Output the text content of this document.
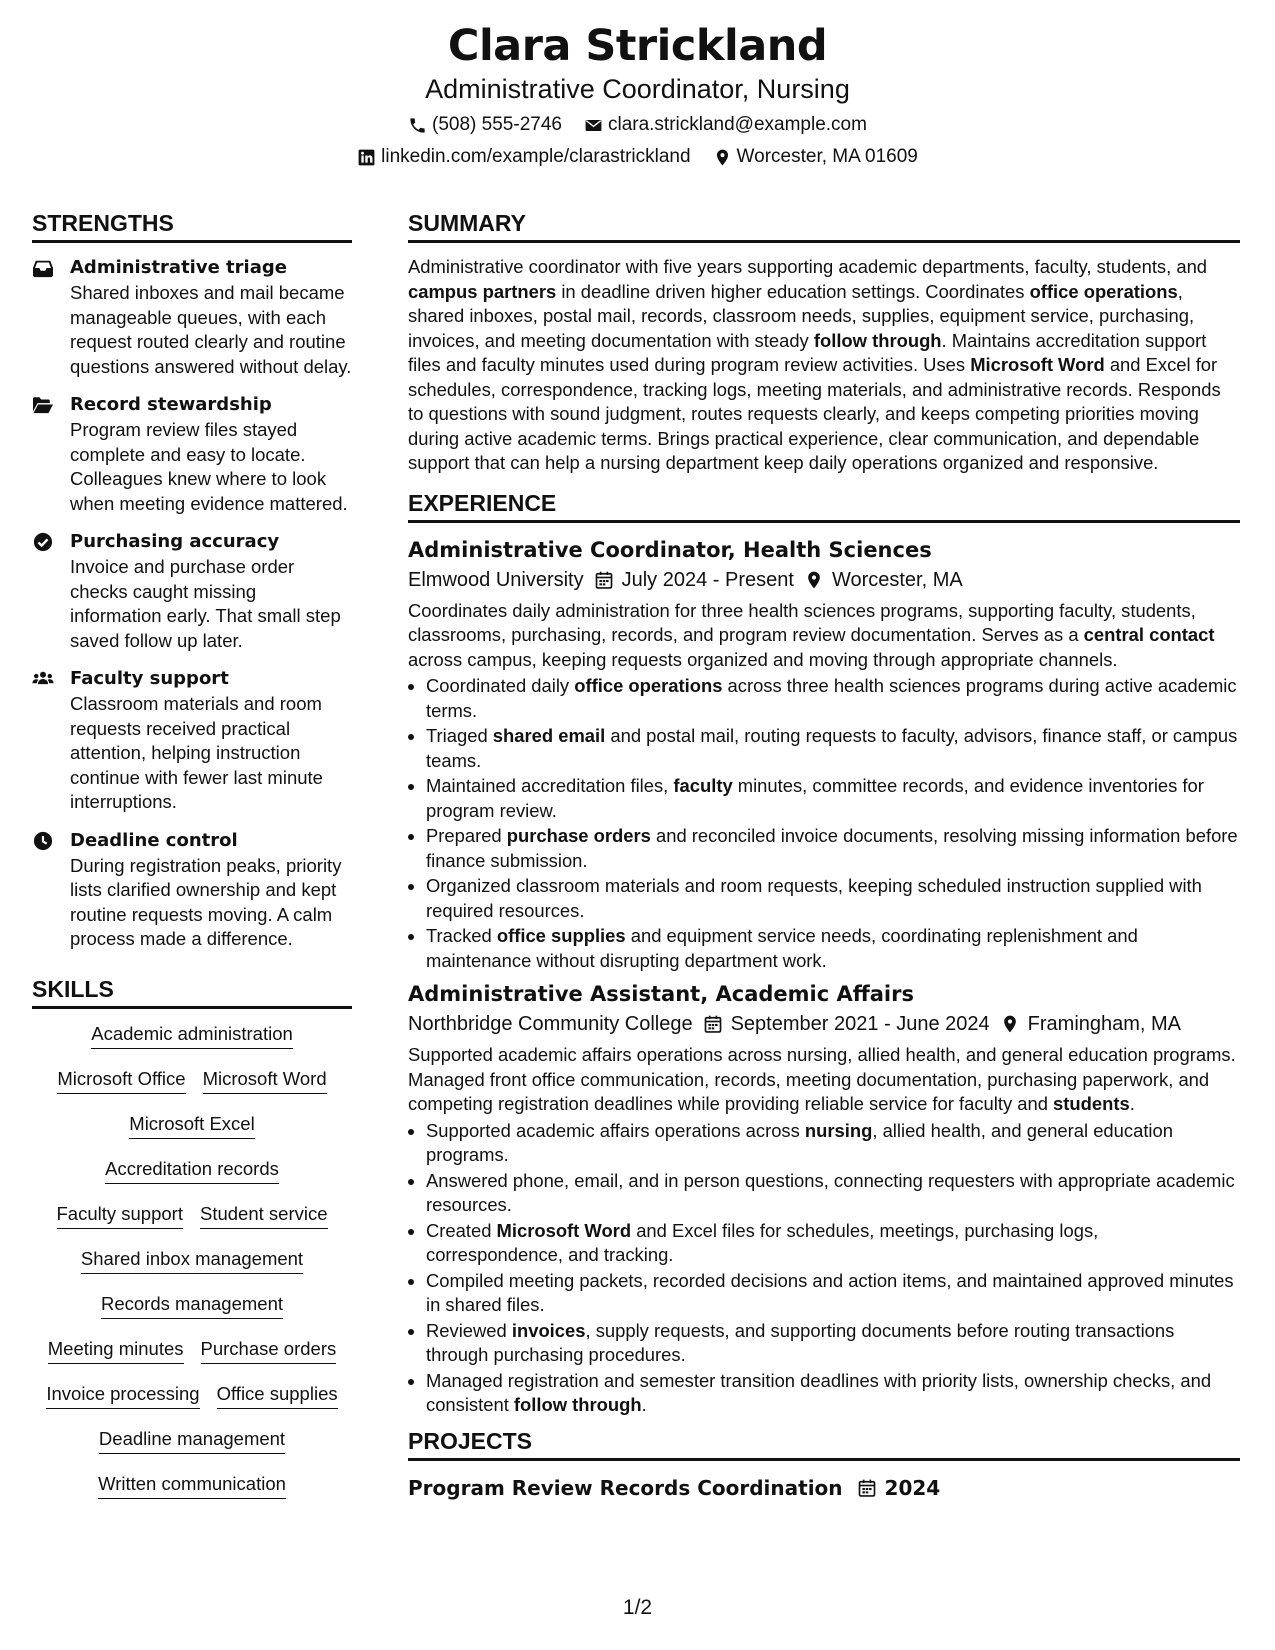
Clara Strickland
Administrative Coordinator, Nursing
(508) 555-2746 clara.strickland@example.com
linkedin.com/example/clarastrickland Worcester, MA 01609
STRENGTHS
Administrative triage
Shared inboxes and mail became manageable queues, with each request routed clearly and routine questions answered without delay.
Record stewardship
Program review files stayed complete and easy to locate. Colleagues knew where to look when meeting evidence mattered.
Purchasing accuracy
Invoice and purchase order checks caught missing information early. That small step saved follow up later.
Faculty support
Classroom materials and room requests received practical attention, helping instruction continue with fewer last minute interruptions.
Deadline control
During registration peaks, priority lists clarified ownership and kept routine requests moving. A calm process made a difference.
SKILLS
Academic administration
Microsoft Office Microsoft Word
Microsoft Excel
Accreditation records
Faculty support Student service
Shared inbox management
Records management
Meeting minutes Purchase orders
Invoice processing Office supplies
Deadline management
Written communication
SUMMARY
Administrative coordinator with five years supporting academic departments, faculty, students, and campus partners in deadline driven higher education settings. Coordinates office operations, shared inboxes, postal mail, records, classroom needs, supplies, equipment service, purchasing, invoices, and meeting documentation with steady follow through. Maintains accreditation support files and faculty minutes used during program review activities. Uses Microsoft Word and Excel for schedules, correspondence, tracking logs, meeting materials, and administrative records. Responds to questions with sound judgment, routes requests clearly, and keeps competing priorities moving during active academic terms. Brings practical experience, clear communication, and dependable support that can help a nursing department keep daily operations organized and responsive.
EXPERIENCE
Administrative Coordinator, Health Sciences
Elmwood University July 2024 - Present Worcester, MA
Coordinates daily administration for three health sciences programs, supporting faculty, students, classrooms, purchasing, records, and program review documentation. Serves as a central contact across campus, keeping requests organized and moving through appropriate channels.
• Coordinated daily office operations across three health sciences programs during active academic terms.
• Triaged shared email and postal mail, routing requests to faculty, advisors, finance staff, or campus teams.
• Maintained accreditation files, faculty minutes, committee records, and evidence inventories for program review.
• Prepared purchase orders and reconciled invoice documents, resolving missing information before finance submission.
• Organized classroom materials and room requests, keeping scheduled instruction supplied with required resources.
• Tracked office supplies and equipment service needs, coordinating replenishment and maintenance without disrupting department work.
Administrative Assistant, Academic Affairs
Northbridge Community College September 2021 - June 2024 Framingham, MA
Supported academic affairs operations across nursing, allied health, and general education programs. Managed front office communication, records, meeting documentation, purchasing paperwork, and competing registration deadlines while providing reliable service for faculty and students.
• Supported academic affairs operations across nursing, allied health, and general education programs.
• Answered phone, email, and in person questions, connecting requesters with appropriate academic resources.
• Created Microsoft Word and Excel files for schedules, meetings, purchasing logs, correspondence, and tracking.
• Compiled meeting packets, recorded decisions and action items, and maintained approved minutes in shared files.
• Reviewed invoices, supply requests, and supporting documents before routing transactions through purchasing procedures.
• Managed registration and semester transition deadlines with priority lists, ownership checks, and consistent follow through.
PROJECTS
Program Review Records Coordination 2024
1/2
